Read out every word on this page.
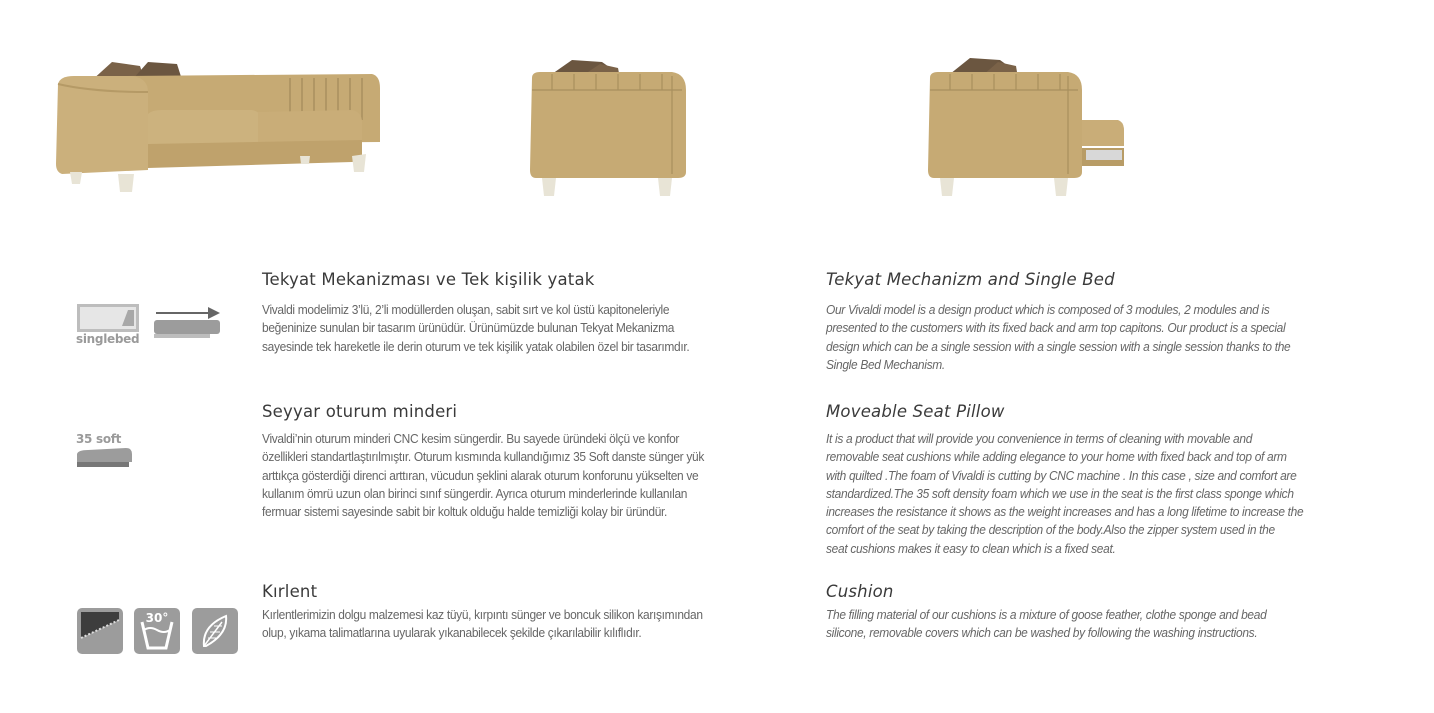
singlebed
35 soft
30°
Tekyat Mekanizması ve Tek kişilik yatak
Vivaldi modelimiz 3’lü, 2’li modüllerden oluşan, sabit sırt ve kol üstü kapitoneleriyle
beğeninize sunulan bir tasarım ürünüdür. Ürünümüzde bulunan Tekyat Mekanizma
sayesinde tek hareketle ile derin oturum ve tek kişilik yatak olabilen özel bir tasarımdır.
Tekyat Mechanizm and Single Bed
Our Vivaldi model is a design product which is composed of 3 modules, 2 modules and is
presented to the customers with its fixed back and arm top capitons. Our product is a special
design which can be a single session with a single session with a single session thanks to the
Single Bed Mechanism.
Seyyar oturum minderi
Vivaldi’nin oturum minderi CNC kesim süngerdir. Bu sayede üründeki ölçü ve konfor
özellikleri standartlaştırılmıştır. Oturum kısmında kullandığımız 35 Soft danste sünger yük
arttıkça gösterdiği direnci arttıran, vücudun şeklini alarak oturum konforunu yükselten ve
kullanım ömrü uzun olan birinci sınıf süngerdir. Ayrıca oturum minderlerinde kullanılan
fermuar sistemi sayesinde sabit bir koltuk olduğu halde temizliği kolay bir üründür.
Moveable Seat Pillow
It is a product that will provide you convenience in terms of cleaning with movable and
removable seat cushions while adding elegance to your home with fixed back and top of arm
with quilted .The foam of Vivaldi is cutting by CNC machine . In this case , size and comfort are
standardized.The 35 soft density foam which we use in the seat is the first class sponge which
increases the resistance it shows as the weight increases and has a long lifetime to increase the
comfort of the seat by taking the description of the body.Also the zipper system used in the
seat cushions makes it easy to clean which is a fixed seat.
Kırlent
Kırlentlerimizin dolgu malzemesi kaz tüyü, kırpıntı sünger ve boncuk silikon karışımından
olup, yıkama talimatlarına uyularak yıkanabilecek şekilde çıkarılabilir kılıflıdır.
Cushion
The filling material of our cushions is a mixture of goose feather, clothe sponge and bead
silicone, removable covers which can be washed by following the washing instructions.
